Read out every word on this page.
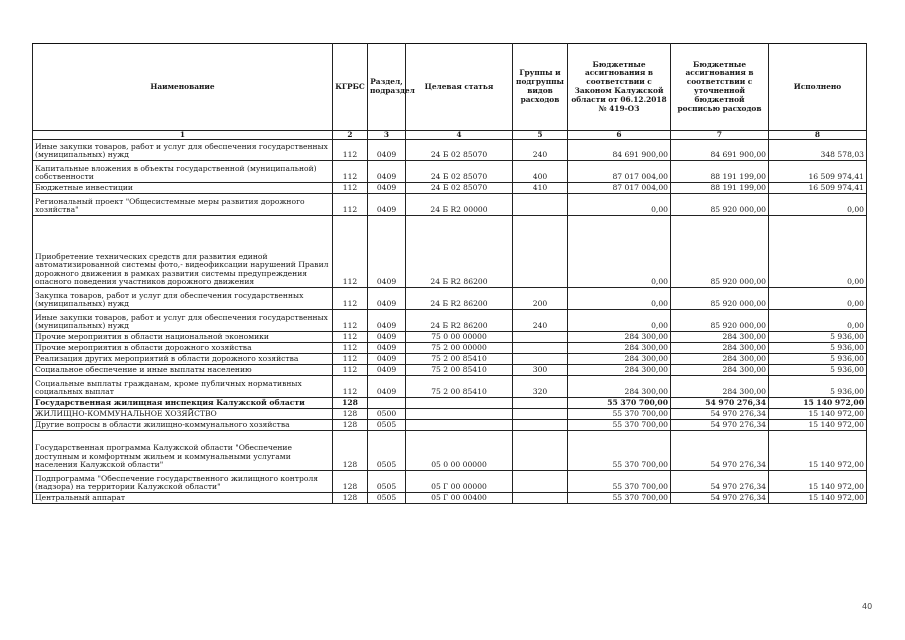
Наименование	КГРБС	Раздел, подраздел	Целевая статья	Группы и подгруппы видов расходов	Бюджетные ассигнования в соответствии с Законом Калужской области от 06.12.2018 № 419-ОЗ	Бюджетные ассигнования в соответствии с уточненной бюджетной росписью расходов	Исполнено
1	2	3	4	5	6	7	8
Иные закупки товаров, работ и услуг для обеспечения государственных (муниципальных) нужд	112	0409	24 Б 02 85070	240	84 691 900,00	84 691 900,00	348 578,03
Капитальные вложения в объекты государственной (муниципальной) собственности	112	0409	24 Б 02 85070	400	87 017 004,00	88 191 199,00	16 509 974,41
Бюджетные инвестиции	112	0409	24 Б 02 85070	410	87 017 004,00	88 191 199,00	16 509 974,41
Региональный проект "Общесистемные меры развития дорожного хозяйства"	112	0409	24 Б R2 00000		0,00	85 920 000,00	0,00
Приобретение технических средств для развития единой автоматизированной системы фото,- видеофиксации нарушений Правил дорожного движения в рамках развития системы предупреждения опасного поведения участников дорожного движения	112	0409	24 Б R2 86200		0,00	85 920 000,00	0,00
Закупка товаров, работ и услуг для обеспечения государственных (муниципальных) нужд	112	0409	24 Б R2 86200	200	0,00	85 920 000,00	0,00
Иные закупки товаров, работ и услуг для обеспечения государственных (муниципальных) нужд	112	0409	24 Б R2 86200	240	0,00	85 920 000,00	0,00
Прочие мероприятия в области национальной экономики	112	0409	75 0 00 00000		284 300,00	284 300,00	5 936,00
Прочие мероприятия в области дорожного хозяйства	112	0409	75 2 00 00000		284 300,00	284 300,00	5 936,00
Реализация других мероприятий в области дорожного хозяйства	112	0409	75 2 00 85410		284 300,00	284 300,00	5 936,00
Социальное обеспечение и иные выплаты населению	112	0409	75 2 00 85410	300	284 300,00	284 300,00	5 936,00
Социальные выплаты гражданам, кроме публичных нормативных социальных выплат	112	0409	75 2 00 85410	320	284 300,00	284 300,00	5 936,00
Государственная жилищная инспекция Калужской области	128				55 370 700,00	54 970 276,34	15 140 972,00
ЖИЛИЩНО-КОММУНАЛЬНОЕ ХОЗЯЙСТВО	128	0500			55 370 700,00	54 970 276,34	15 140 972,00
Другие вопросы в области жилищно-коммунального хозяйства	128	0505			55 370 700,00	54 970 276,34	15 140 972,00
Государственная программа Калужской области "Обеспечение доступным и комфортным жильем и коммунальными услугами населения Калужской области"	128	0505	05 0 00 00000		55 370 700,00	54 970 276,34	15 140 972,00
Подпрограмма "Обеспечение государственного жилищного контроля (надзора) на территории Калужской области"	128	0505	05 Г 00 00000		55 370 700,00	54 970 276,34	15 140 972,00
Центральный аппарат	128	0505	05 Г 00 00400		55 370 700,00	54 970 276,34	15 140 972,00
40
